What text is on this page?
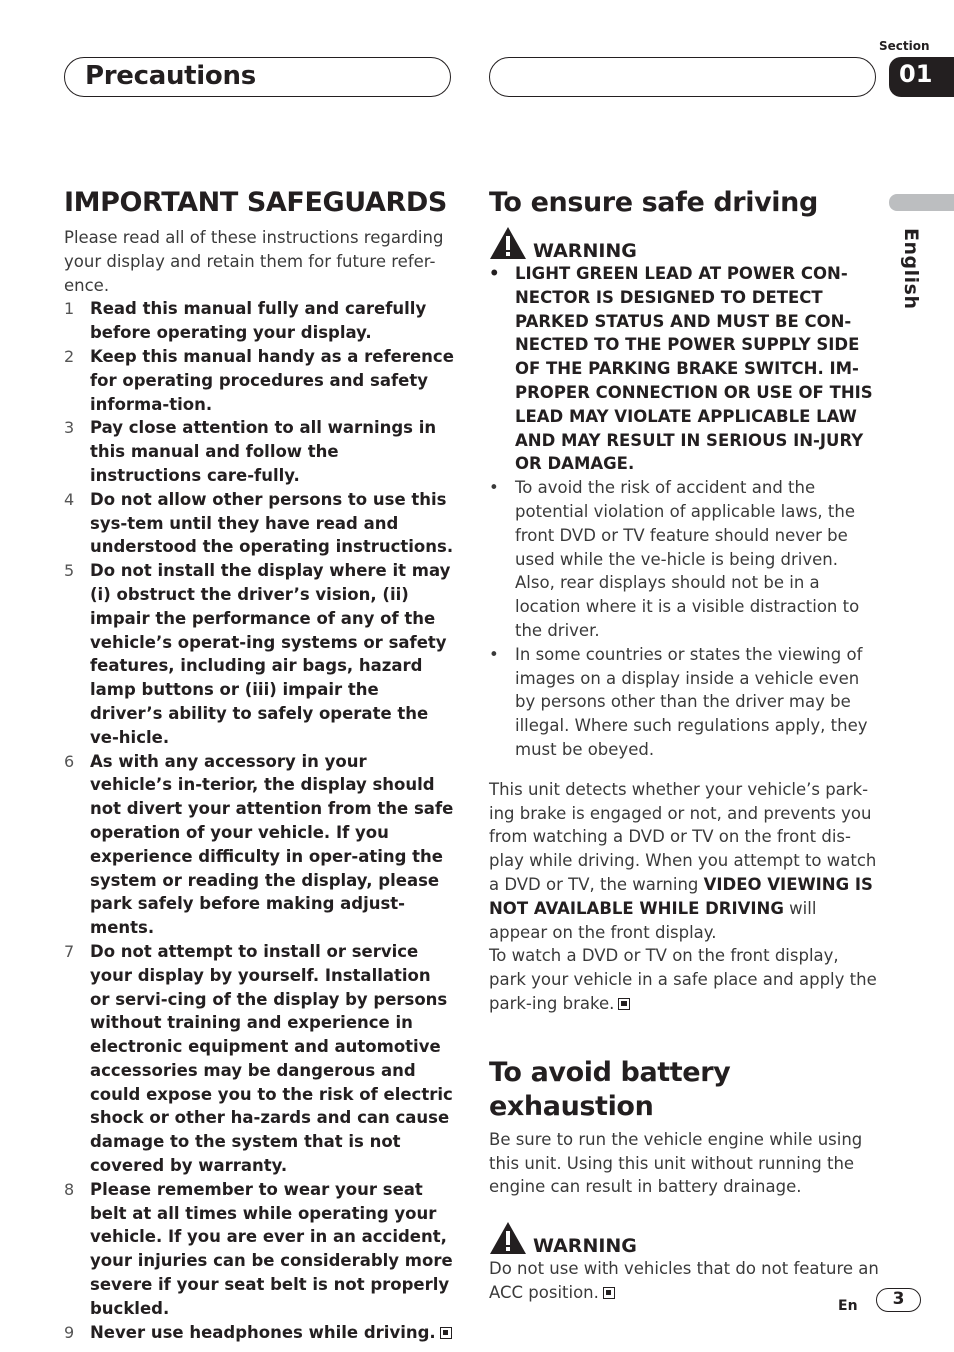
Precautions
Section
01
English
IMPORTANT SAFEGUARDS
Please read all of these instructions regarding your display and retain them for future refer-ence.
1 Read this manual fully and carefully before operating your display.
2 Keep this manual handy as a reference for operating procedures and safety informa-tion.
3 Pay close attention to all warnings in this manual and follow the instructions care-fully.
4 Do not allow other persons to use this sys-tem until they have read and understood the operating instructions.
5 Do not install the display where it may (i) obstruct the driver’s vision, (ii) impair the performance of any of the vehicle’s operat-ing systems or safety features, including air bags, hazard lamp buttons or (iii) impair the driver’s ability to safely operate the ve-hicle.
6 As with any accessory in your vehicle’s in-terior, the display should not divert your attention from the safe operation of your vehicle. If you experience difficulty in oper-ating the system or reading the display, please park safely before making adjust-ments.
7 Do not attempt to install or service your display by yourself. Installation or servi-cing of the display by persons without training and experience in electronic equipment and automotive accessories may be dangerous and could expose you to the risk of electric shock or other ha-zards and can cause damage to the system that is not covered by warranty.
8 Please remember to wear your seat belt at all times while operating your vehicle. If you are ever in an accident, your injuries can be considerably more severe if your seat belt is not properly buckled.
9 Never use headphones while driving.
To ensure safe driving
WARNING
• LIGHT GREEN LEAD AT POWER CON-NECTOR IS DESIGNED TO DETECT PARKED STATUS AND MUST BE CON-NECTED TO THE POWER SUPPLY SIDE OF THE PARKING BRAKE SWITCH. IM-PROPER CONNECTION OR USE OF THIS LEAD MAY VIOLATE APPLICABLE LAW AND MAY RESULT IN SERIOUS IN-JURY OR DAMAGE.
• To avoid the risk of accident and the potential violation of applicable laws, the front DVD or TV feature should never be used while the ve-hicle is being driven. Also, rear displays should not be in a location where it is a visible distraction to the driver.
• In some countries or states the viewing of images on a display inside a vehicle even by persons other than the driver may be illegal. Where such regulations apply, they must be obeyed.
This unit detects whether your vehicle’s park-ing brake is engaged or not, and prevents you from watching a DVD or TV on the front dis-play while driving. When you attempt to watch a DVD or TV, the warning VIDEO VIEWING IS NOT AVAILABLE WHILE DRIVING will appear on the front display.
To watch a DVD or TV on the front display, park your vehicle in a safe place and apply the park-ing brake.
To avoid battery exhaustion
Be sure to run the vehicle engine while using this unit. Using this unit without running the engine can result in battery drainage.
WARNING
Do not use with vehicles that do not feature an ACC position.
En	3
